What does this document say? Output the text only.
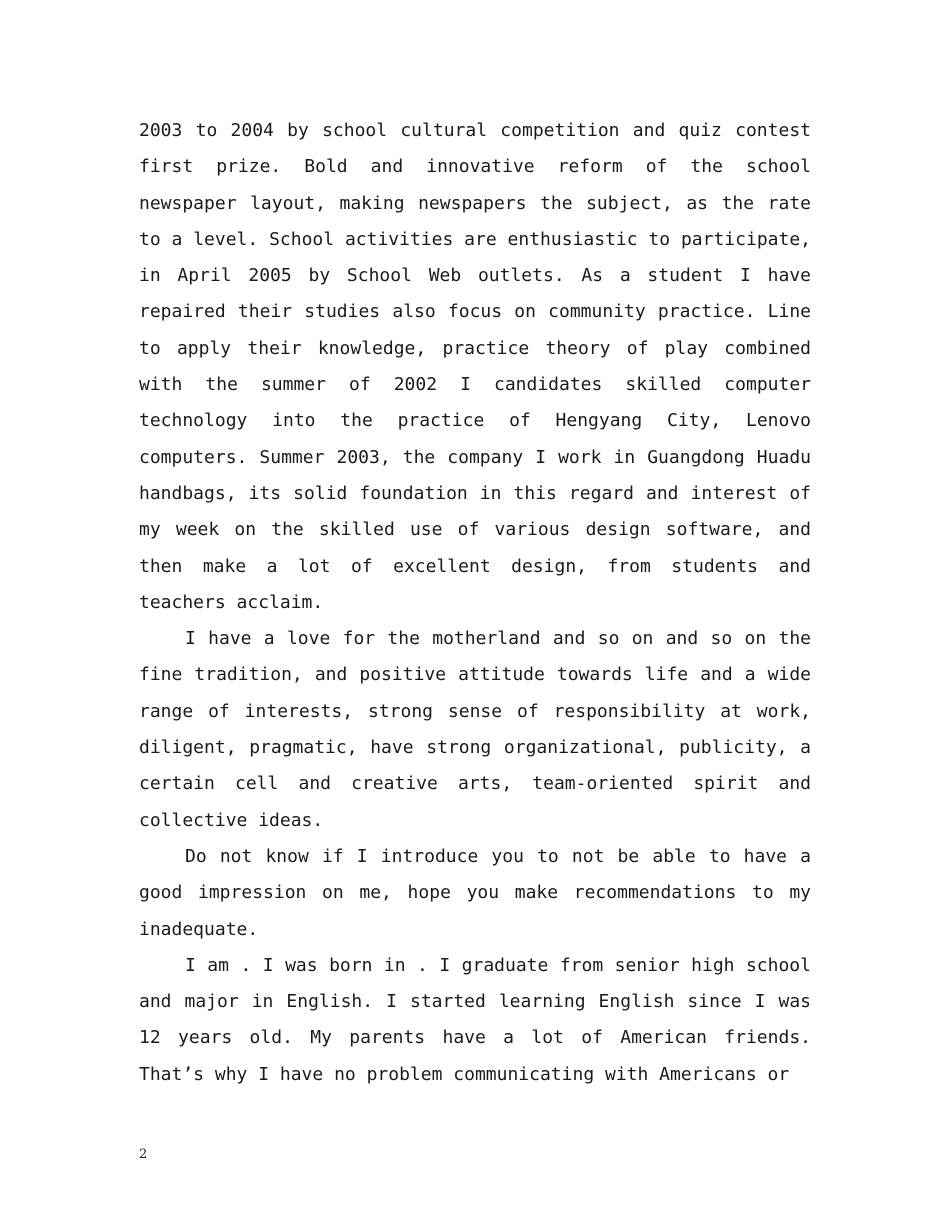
2003 to 2004 by school cultural competition and quiz contest first prize. Bold and innovative reform of the school newspaper layout, making newspapers the subject, as the rate to a level. School activities are enthusiastic to participate, in April 2005 by School Web outlets. As a student I have repaired their studies also focus on community practice. Line to apply their knowledge, practice theory of play combined with the summer of 2002 I candidates skilled computer technology into the practice of Hengyang City, Lenovo computers. Summer 2003, the company I work in Guangdong Huadu handbags, its solid foundation in this regard and interest of my week on the skilled use of various design software, and then make a lot of excellent design, from students and teachers acclaim.

I have a love for the motherland and so on and so on the fine tradition, and positive attitude towards life and a wide range of interests, strong sense of responsibility at work, diligent, pragmatic, have strong organizational, publicity, a certain cell and creative arts, team-oriented spirit and collective ideas.

Do not know if I introduce you to not be able to have a good impression on me, hope you make recommendations to my inadequate.

I am . I was born in . I graduate from senior high school and major in English. I started learning English since I was 12 years old. My parents have a lot of American friends. That’s why I have no problem communicating with Americans or

2
